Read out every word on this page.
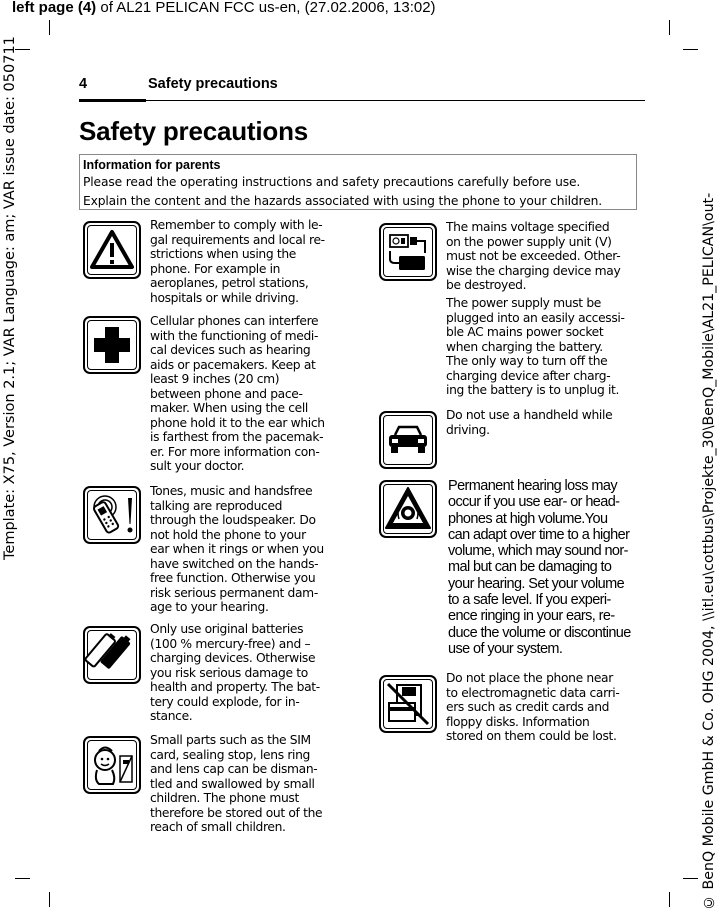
left page (4) of AL21 PELICAN FCC us-en, (27.02.2006, 13:02)
Template: X75, Version 2.1; VAR Language: am; VAR issue date: 050711	© BenQ Mobile GmbH & Co. OHG 2004, \\itl.eu\cottbus\Projekte_30\BenQ_Mobile\AL21_PELICAN\out-
4	Safety precautions
Safety precautions
Information for parents
Please read the operating instructions and safety precautions carefully before use.
Explain the content and the hazards associated with using the phone to your children.
Remember to comply with le-
gal requirements and local re-
strictions when using the
phone. For example in
aeroplanes, petrol stations,
hospitals or while driving.
Cellular phones can interfere
with the functioning of medi-
cal devices such as hearing
aids or pacemakers. Keep at
least 9 inches (20 cm)
between phone and pace-
maker. When using the cell
phone hold it to the ear which
is farthest from the pacemak-
er. For more information con-
sult your doctor.
Tones, music and handsfree
talking are reproduced
through the loudspeaker. Do
not hold the phone to your
ear when it rings or when you
have switched on the hands-
free function. Otherwise you
risk serious permanent dam-
age to your hearing.
Only use original batteries
(100 % mercury-free) and –
charging devices. Otherwise
you risk serious damage to
health and property. The bat-
tery could explode, for in-
stance.
Small parts such as the SIM
card, sealing stop, lens ring
and lens cap can be disman-
tled and swallowed by small
children. The phone must
therefore be stored out of the
reach of small children.
The mains voltage specified
on the power supply unit (V)
must not be exceeded. Other-
wise the charging device may
be destroyed.
The power supply must be
plugged into an easily accessi-
ble AC mains power socket
when charging the battery.
The only way to turn off the
charging device after charg-
ing the battery is to unplug it.
Do not use a handheld while
driving.
Permanent hearing loss may
occur if you use ear- or head-
phones at high volume.You
can adapt over time to a higher
volume, which may sound nor-
mal but can be damaging to
your hearing. Set your volume
to a safe level. If you experi-
ence ringing in your ears, re-
duce the volume or discontinue
use of your system.
Do not place the phone near
to electromagnetic data carri-
ers such as credit cards and
floppy disks. Information
stored on them could be lost.
